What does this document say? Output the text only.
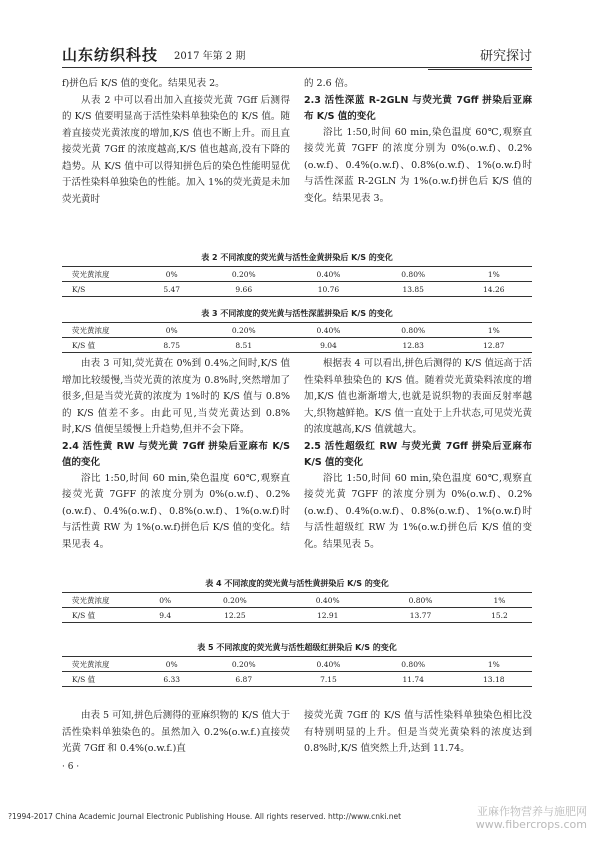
山东纺织科技 2017 年第 2 期	研究探讨

f)拼色后 K/S 值的变化。结果见表 2。

从表 2 中可以看出加入直接荧光黄 7Gff 后测得的 K/S 值要明显高于活性染料单独染色的 K/S 值。随着直接荧光黄浓度的增加,K/S 值也不断上升。而且直接荧光黄 7Gff 的浓度越高,K/S 值也越高,没有下降的趋势。从 K/S 值中可以得知拼色后的染色性能明显优于活性染料单独染色的性能。加入 1%的荧光黄是未加荧光黄时

的 2.6 倍。

2.3 活性深蓝 R-2GLN 与荧光黄 7Gff 拼染后亚麻布 K/S 值的变化

浴比 1:50,时间 60 min,染色温度 60℃,观察直接荧光黄 7GFF 的浓度分别为 0%(o.w.f)、0.2%(o.w.f)、0.4%(o.w.f)、0.8%(o.w.f)、1%(o.w.f)时与活性深蓝 R-2GLN 为 1%(o.w.f)拼色后 K/S 值的变化。结果见表 3。

表 2 不同浓度的荧光黄与活性金黄拼染后 K/S 的变化
荧光黄浓度	0%	0.20%	0.40%	0.80%	1%
K/S	5.47	9.66	10.76	13.85	14.26
表 3 不同浓度的荧光黄与活性深蓝拼染后 K/S 的变化
荧光黄浓度	0%	0.20%	0.40%	0.80%	1%
K/S 值	8.75	8.51	9.04	12.83	12.87

由表 3 可知,荧光黄在 0%到 0.4%之间时,K/S 值增加比较缓慢,当荧光黄的浓度为 0.8%时,突然增加了很多,但是当荧光黄的浓度为 1%时的 K/S 值与 0.8%的 K/S 值差不多。由此可见,当荧光黄达到 0.8%时,K/S 值便呈缓慢上升趋势,但并不会下降。

2.4 活性黄 RW 与荧光黄 7Gff 拼染后亚麻布 K/S 值的变化

浴比 1:50,时间 60 min,染色温度 60℃,观察直接荧光黄 7GFF 的浓度分别为 0%(o.w.f)、0.2%(o.w.f)、0.4%(o.w.f)、0.8%(o.w.f)、1%(o.w.f)时与活性黄 RW 为 1%(o.w.f)拼色后 K/S 值的变化。结果见表 4。

根据表 4 可以看出,拼色后测得的 K/S 值远高于活性染料单独染色的 K/S 值。随着荧光黄染料浓度的增加,K/S 值也渐渐增大,也就是说织物的表面反射率越大,织物越鲜艳。K/S 值一直处于上升状态,可见荧光黄的浓度越高,K/S 值就越大。

2.5 活性超级红 RW 与荧光黄 7Gff 拼染后亚麻布 K/S 值的变化

浴比 1:50,时间 60 min,染色温度 60℃,观察直接荧光黄 7GFF 的浓度分别为 0%(o.w.f)、0.2%(o.w.f)、0.4%(o.w.f)、0.8%(o.w.f)、1%(o.w.f)时与活性超级红 RW 为 1%(o.w.f)拼色后 K/S 值的变化。结果见表 5。

表 4 不同浓度的荧光黄与活性黄拼染后 K/S 的变化
荧光黄浓度	0%	0.20%	0.40%	0.80%	1%
K/S 值	9.4	12.25	12.91	13.77	15.2
表 5 不同浓度的荧光黄与活性超级红拼染后 K/S 的变化
荧光黄浓度	0%	0.20%	0.40%	0.80%	1%
K/S 值	6.33	6.87	7.15	11.74	13.18

由表 5 可知,拼色后测得的亚麻织物的 K/S 值大于活性染料单独染色的。虽然加入 0.2%(o.w.f.)直接荧光黄 7Gff 和 0.4%(o.w.f.)直

接荧光黄 7Gff 的 K/S 值与活性染料单独染色相比没有特别明显的上升。但是当荧光黄染料的浓度达到 0.8%时,K/S 值突然上升,达到 11.74。

· 6 ·
?1994-2017 China Academic Journal Electronic Publishing House. All rights reserved. http://www.cnki.net	亚麻作物营养与施肥网
www.fibercrops.com
